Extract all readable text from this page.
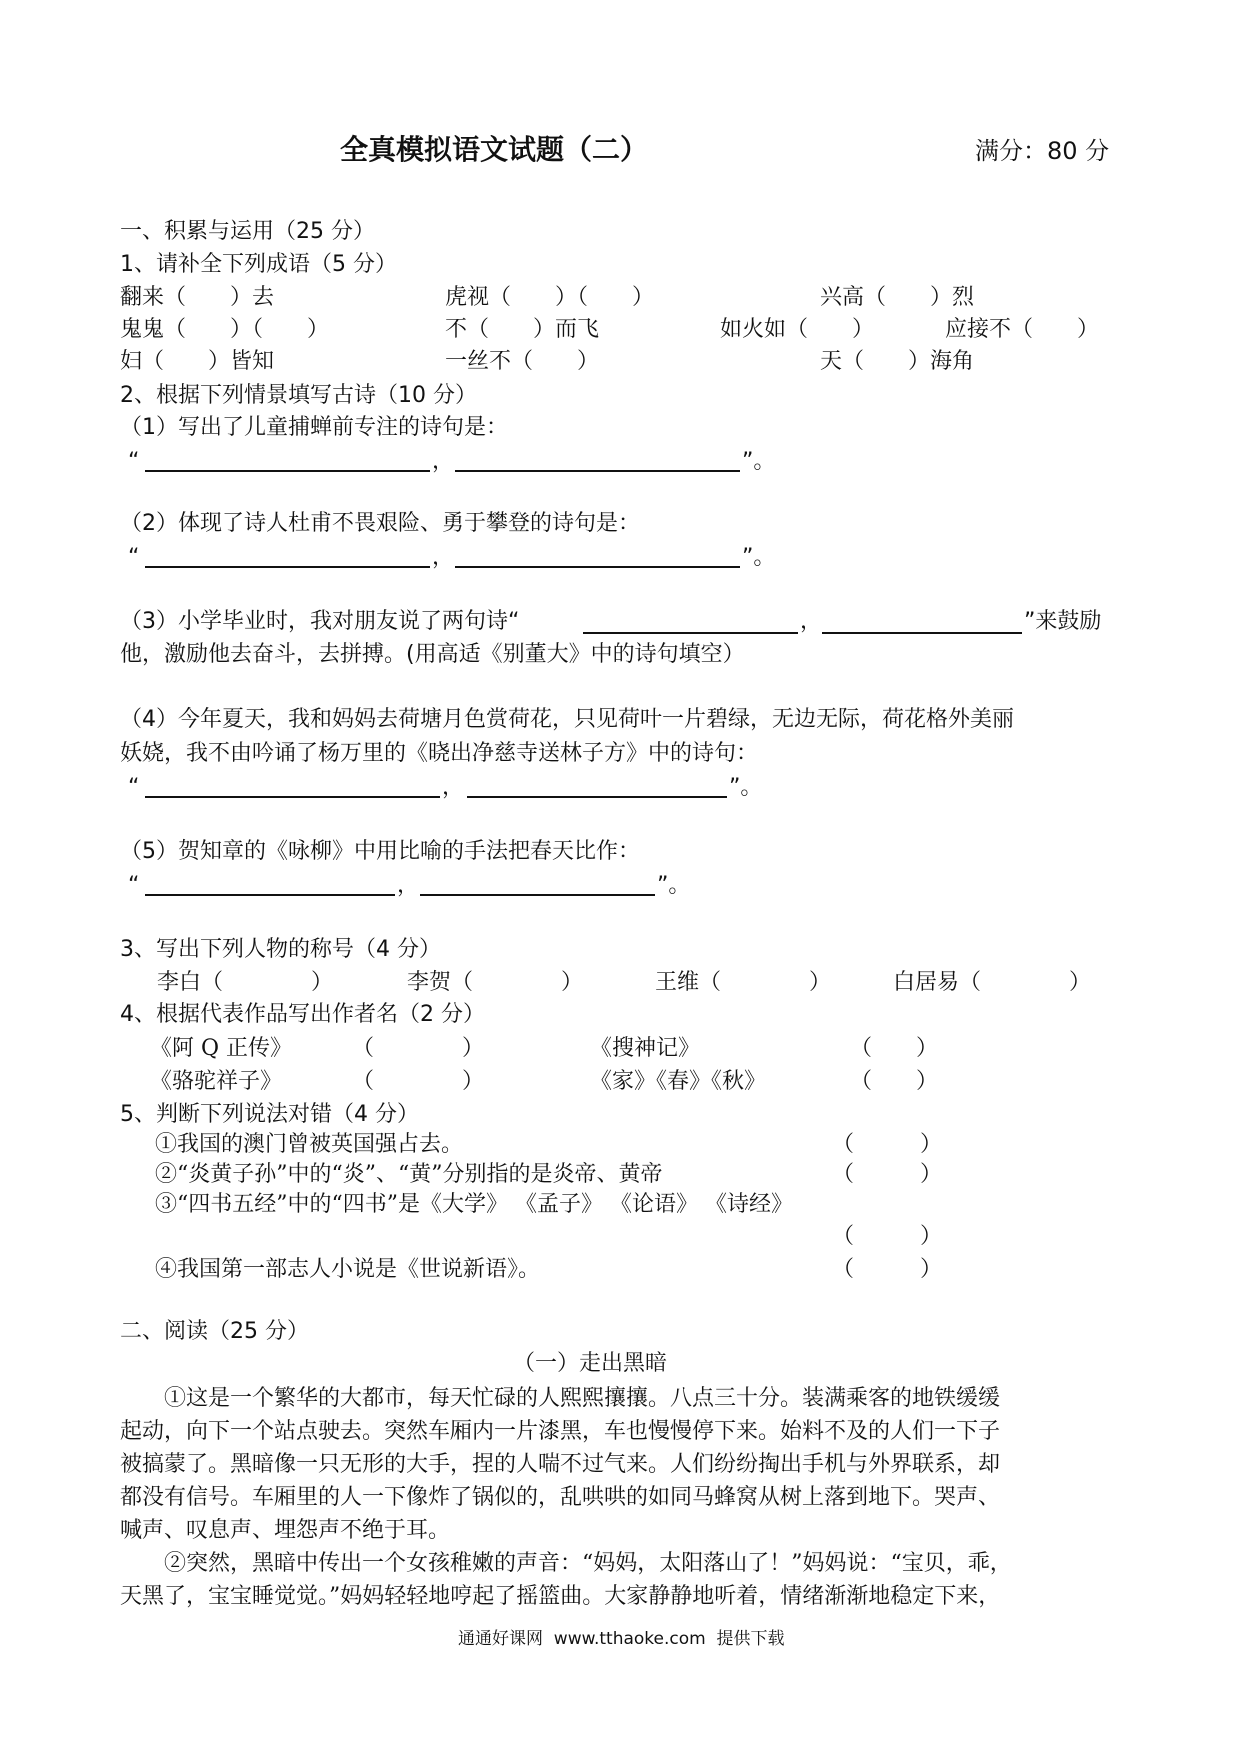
全真模拟语文试题（二）	满分：80 分
一、积累与运用（25 分）
1、请补全下列成语（5 分）
翻来（　　）去	虎视（　　）（　　）	兴高（　　）烈
鬼鬼（　　）（　　）	不（　　）而飞	如火如（　　）	应接不（　　）
妇（　　）皆知	一丝不（　　）	天（　　）海角
2、根据下列情景填写古诗（10 分）
（1）写出了儿童捕蝉前专注的诗句是：
“	，	”。
（2）体现了诗人杜甫不畏艰险、勇于攀登的诗句是：
“	，	”。
（3）小学毕业时，我对朋友说了两句诗“	，	”来鼓励
他，激励他去奋斗，去拼搏。(用高适《别董大》中的诗句填空）
（4）今年夏天，我和妈妈去荷塘月色赏荷花，只见荷叶一片碧绿，无边无际，荷花格外美丽
妖娆，我不由吟诵了杨万里的《晓出净慈寺送林子方》中的诗句：
“	，	”。
（5）贺知章的《咏柳》中用比喻的手法把春天比作：
“	，	”。
3、写出下列人物的称号（4 分）
李白（　　　　）	李贺（　　　　）	王维（　　　　）	白居易（　　　　）
4、根据代表作品写出作者名（2 分）
《阿 Q 正传》	（　　　　）	《搜神记》	（　　）
《骆驼祥子》	（　　　　）	《家》《春》《秋》	（　　）
5、判断下列说法对错（4 分）
①我国的澳门曾被英国强占去。	（　　　）
②“炎黄子孙”中的“炎”、“黄”分别指的是炎帝、黄帝	（　　　）
③“四书五经”中的“四书”是《大学》 《孟子》 《论语》 《诗经》
（　　　）
④我国第一部志人小说是《世说新语》。	（　　　）
二、阅读（25 分）
（一）走出黑暗
①这是一个繁华的大都市，每天忙碌的人熙熙攘攘。八点三十分。装满乘客的地铁缓缓
起动，向下一个站点驶去。突然车厢内一片漆黑，车也慢慢停下来。始料不及的人们一下子
被搞蒙了。黑暗像一只无形的大手，捏的人喘不过气来。人们纷纷掏出手机与外界联系，却
都没有信号。车厢里的人一下像炸了锅似的，乱哄哄的如同马蜂窝从树上落到地下。哭声、
喊声、叹息声、埋怨声不绝于耳。
②突然，黑暗中传出一个女孩稚嫩的声音：“妈妈，太阳落山了！”妈妈说：“宝贝，乖，
天黑了，宝宝睡觉觉。”妈妈轻轻地哼起了摇篮曲。大家静静地听着，情绪渐渐地稳定下来，
通通好课网  www.tthaoke.com  提供下载
